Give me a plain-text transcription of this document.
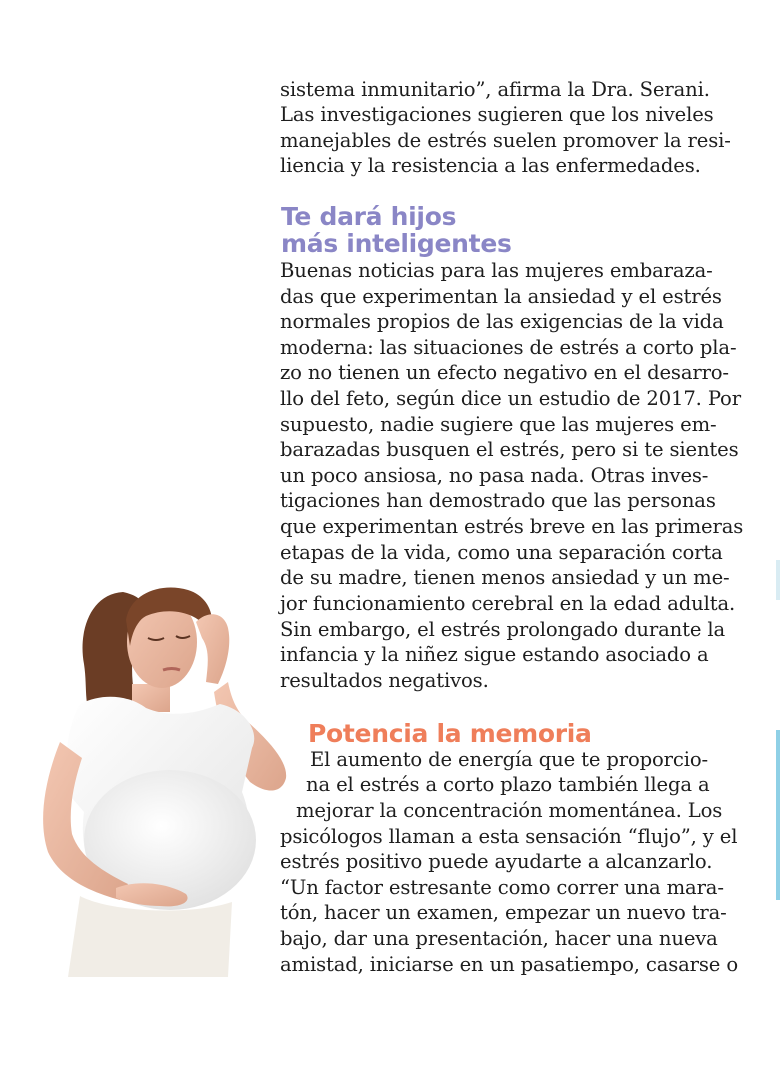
sistema inmunitario”, afirma la Dra. Serani.
Las investigaciones sugieren que los niveles
manejables de estrés suelen promover la resi-
liencia y la resistencia a las enfermedades.
Te dará hijos
más inteligentes
Buenas noticias para las mujeres embaraza-
das que experimentan la ansiedad y el estrés
normales propios de las exigencias de la vida
moderna: las situaciones de estrés a corto pla-
zo no tienen un efecto negativo en el desarro-
llo del feto, según dice un estudio de 2017. Por
supuesto, nadie sugiere que las mujeres em-
barazadas busquen el estrés, pero si te sientes
un poco ansiosa, no pasa nada. Otras inves-
tigaciones han demostrado que las personas
que experimentan estrés breve en las primeras
etapas de la vida, como una separación corta
de su madre, tienen menos ansiedad y un me-
jor funcionamiento cerebral en la edad adulta.
Sin embargo, el estrés prolongado durante la
infancia y la niñez sigue estando asociado a
resultados negativos.
Potencia la memoria
El aumento de energía que te proporcio-
na el estrés a corto plazo también llega a
mejorar la concentración momentánea. Los
psicólogos llaman a esta sensación “flujo”, y el
estrés positivo puede ayudarte a alcanzarlo.
“Un factor estresante como correr una mara-
tón, hacer un examen, empezar un nuevo tra-
bajo, dar una presentación, hacer una nueva
amistad, iniciarse en un pasatiempo, casarse o
